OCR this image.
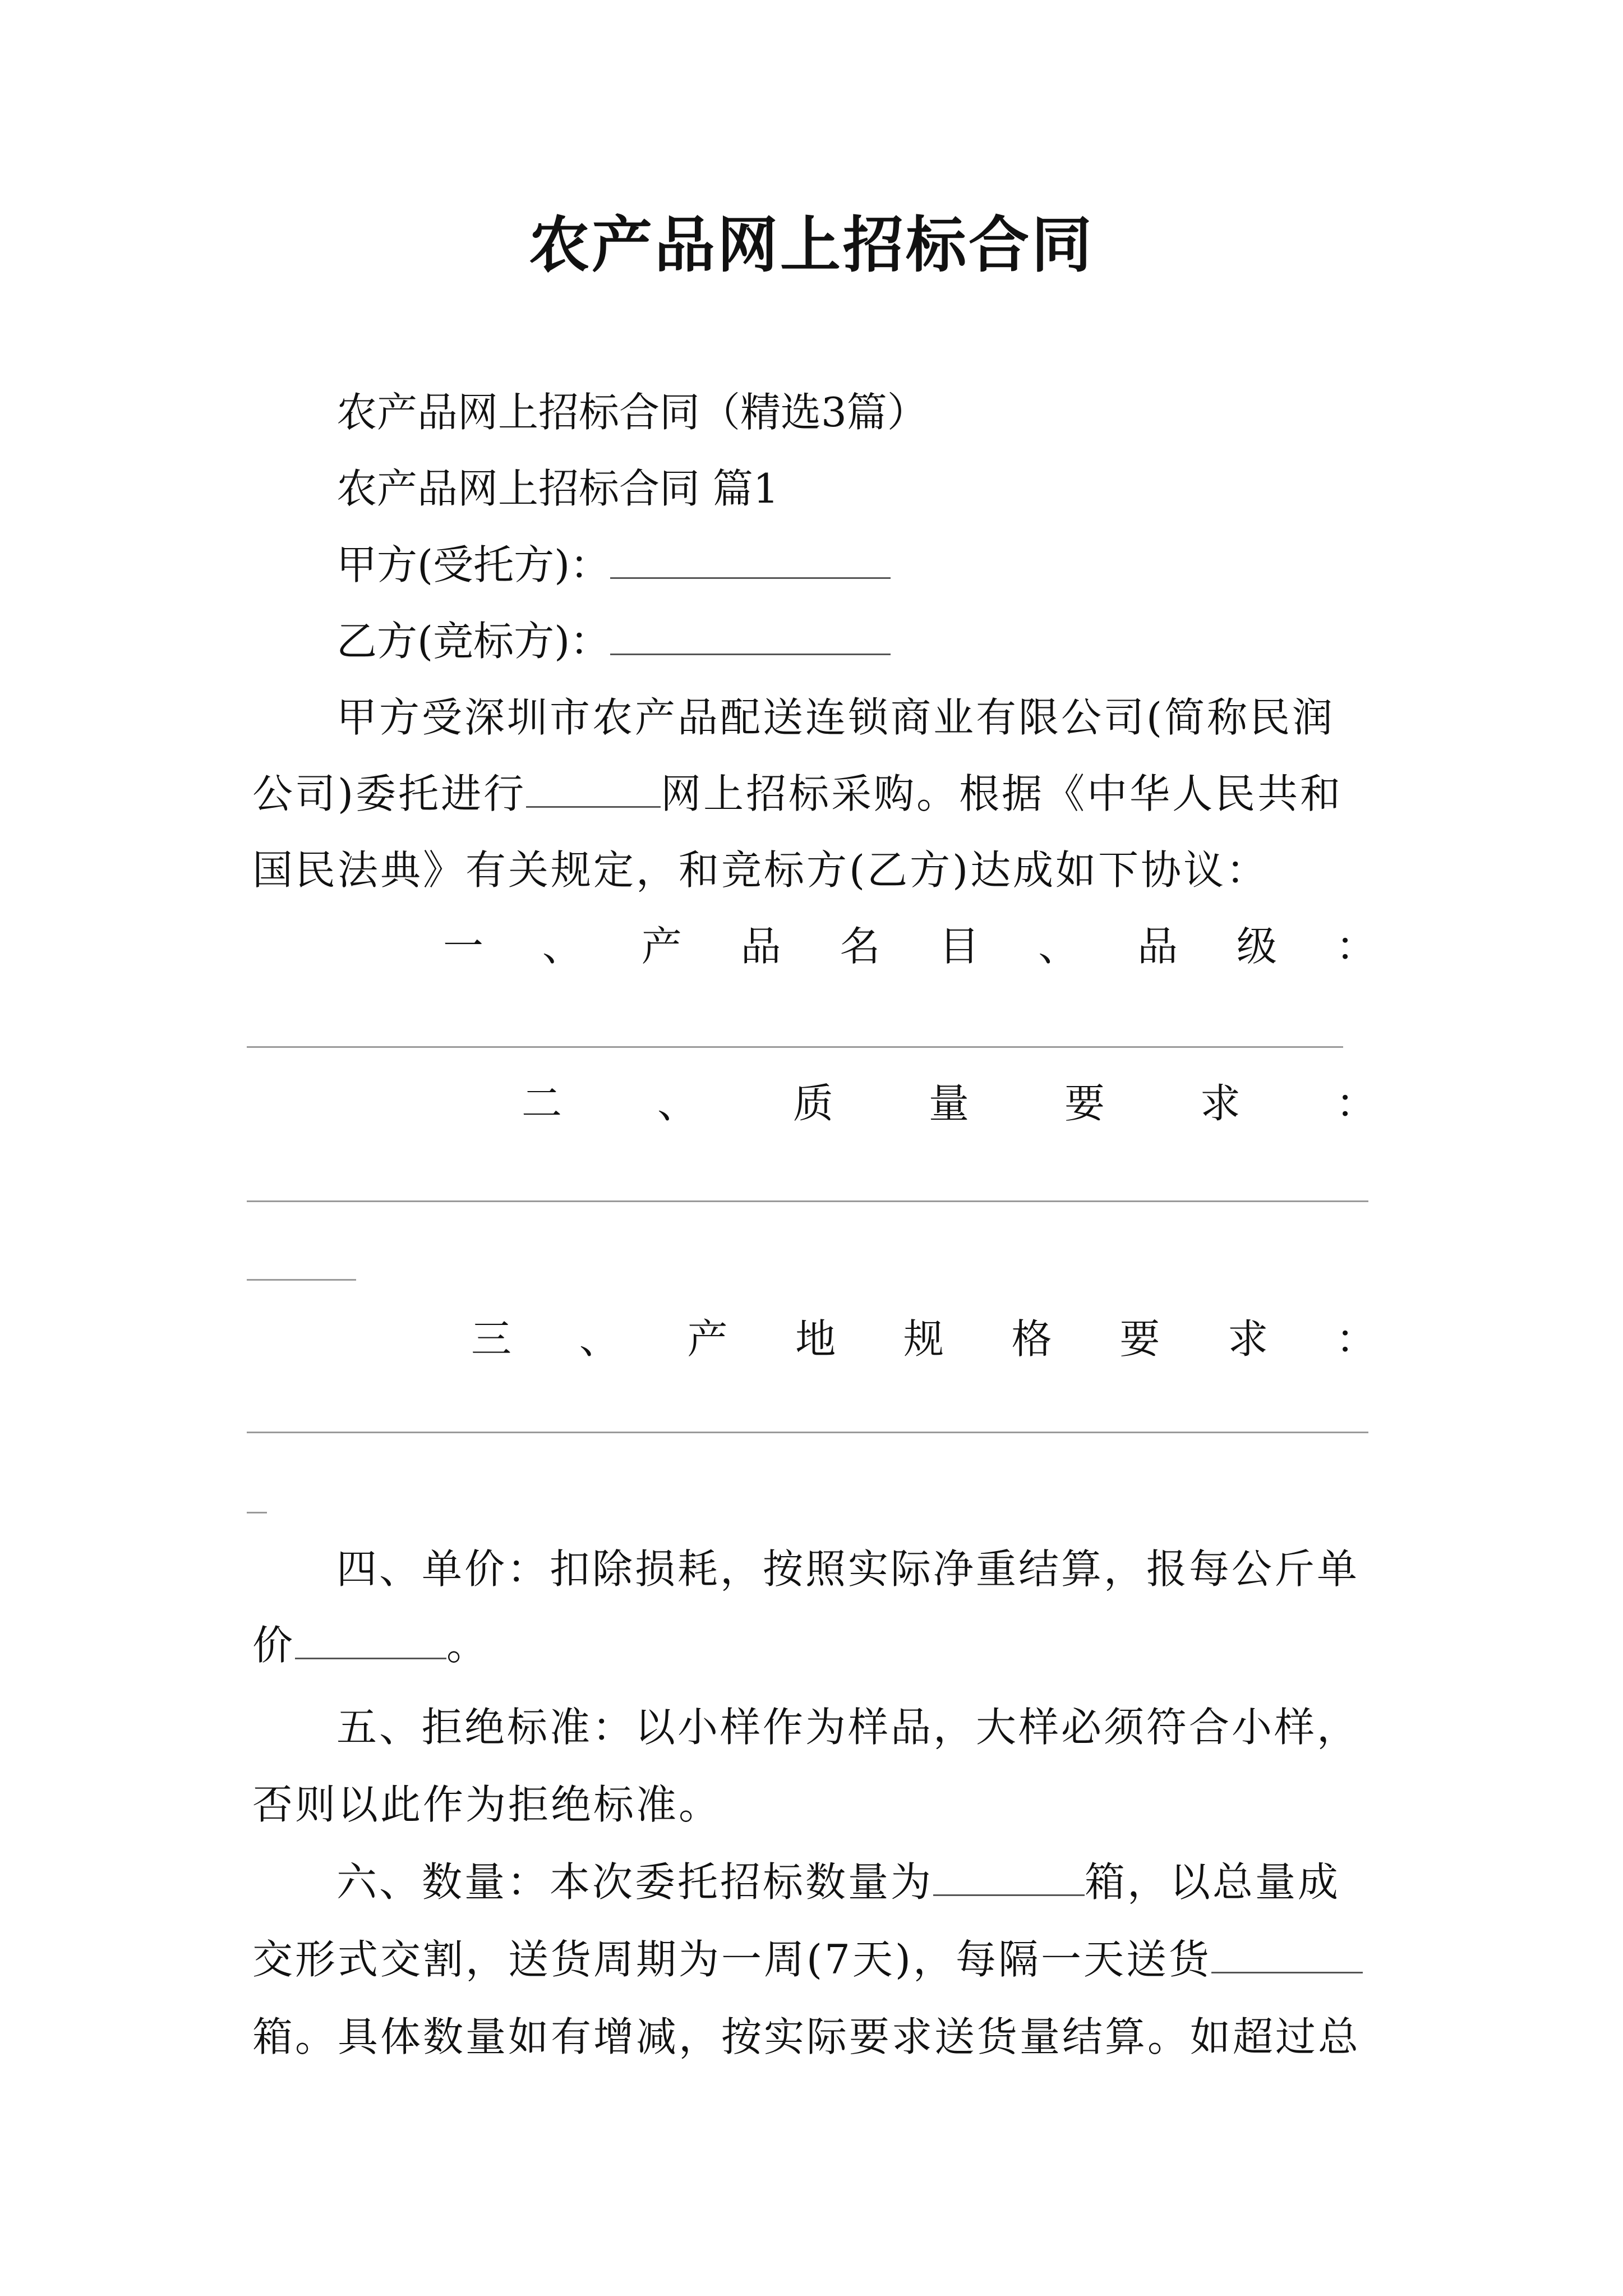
农产品网上招标合同
农产品网上招标合同（精选3篇）
农产品网上招标合同 篇1
甲方(受托方)：
乙方(竞标方)：
甲方受深圳市农产品配送连锁商业有限公司(简称民润
公司)委托进行	网上招标采购。根据《中华人民共和
国民法典》有关规定，和竞标方(乙方)达成如下协议：
一 、 产 品 名 目 、 品 级 ：
二 、 质 量 要 求 ：
三 、 产 地 规 格 要 求 ：
四、单价：扣除损耗，按照实际净重结算，报每公斤单
价	。
五、拒绝标准：以小样作为样品，大样必须符合小样，
否则以此作为拒绝标准。
六、数量：本次委托招标数量为	箱，以总量成
交形式交割，送货周期为一周(7天)，每隔一天送货
箱。具体数量如有增减，按实际要求送货量结算。如超过总
